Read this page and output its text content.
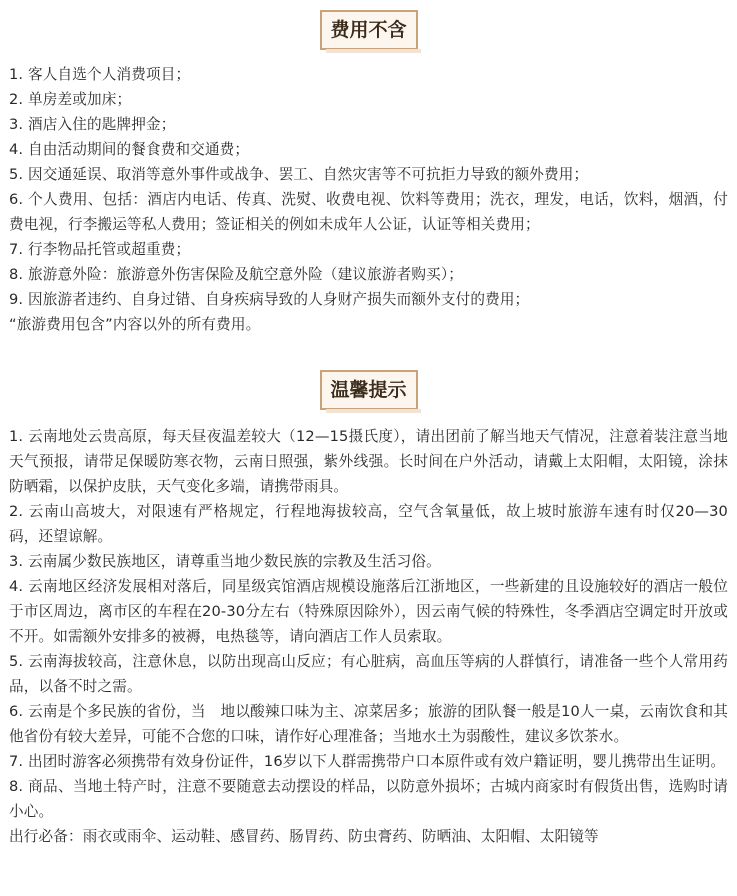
费用不含
1. 客人自选个人消费项目；
2. 单房差或加床；
3. 酒店入住的匙牌押金；
4. 自由活动期间的餐食费和交通费；
5. 因交通延误、取消等意外事件或战争、罢工、自然灾害等不可抗拒力导致的额外费用；
6. 个人费用、包括：酒店内电话、传真、洗熨、收费电视、饮料等费用；洗衣，理发，电话，饮料，烟酒，付费电视，行李搬运等私人费用；签证相关的例如未成年人公证，认证等相关费用；
7. 行李物品托管或超重费；
8. 旅游意外险：旅游意外伤害保险及航空意外险（建议旅游者购买）；
9. 因旅游者违约、自身过错、自身疾病导致的人身财产损失而额外支付的费用；
“旅游费用包含”内容以外的所有费用。
温馨提示
1. 云南地处云贵高原，每天昼夜温差较大（12—15摄氏度），请出团前了解当地天气情况，注意着装注意当地天气预报，请带足保暖防寒衣物，云南日照强，紫外线强。长时间在户外活动，请戴上太阳帽，太阳镜，涂抹防晒霜，以保护皮肤，天气变化多端，请携带雨具。
2. 云南山高坡大，对限速有严格规定，行程地海拔较高，空气含氧量低，故上坡时旅游车速有时仅20—30码，还望谅解。
3. 云南属少数民族地区，请尊重当地少数民族的宗教及生活习俗。
4. 云南地区经济发展相对落后，同星级宾馆酒店规模设施落后江浙地区，一些新建的且设施较好的酒店一般位于市区周边，离市区的车程在20-30分左右（特殊原因除外），因云南气候的特殊性，冬季酒店空调定时开放或不开。如需额外安排多的被褥，电热毯等，请向酒店工作人员索取。
5. 云南海拔较高，注意休息，以防出现高山反应；有心脏病，高血压等病的人群慎行，请准备一些个人常用药品，以备不时之需。
6. 云南是个多民族的省份，当　地以酸辣口味为主、凉菜居多；旅游的团队餐一般是10人一桌，云南饮食和其他省份有较大差异，可能不合您的口味，请作好心理准备；当地水土为弱酸性，建议多饮茶水。
7. 出团时游客必须携带有效身份证件，16岁以下人群需携带户口本原件或有效户籍证明，婴儿携带出生证明。
8. 商品、当地土特产时，注意不要随意去动摆设的样品，以防意外损坏；古城内商家时有假货出售，选购时请小心。
出行必备：雨衣或雨伞、运动鞋、感冒药、肠胃药、防虫膏药、防晒油、太阳帽、太阳镜等
